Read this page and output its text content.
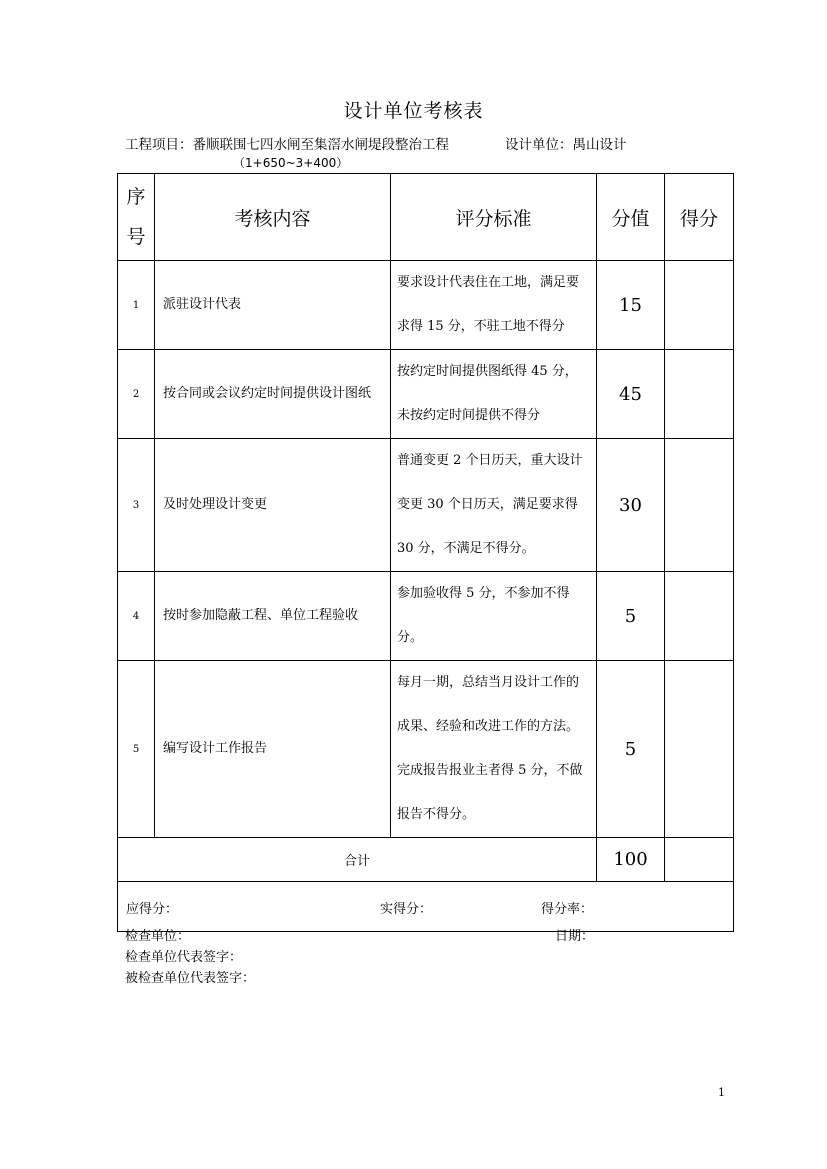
设计单位考核表
工程项目：番顺联围七四水闸至集滘水闸堤段整治工程	设计单位：禺山设计
（1+650~3+400）
序
号	考核内容	评分标准	分值	得分
1	派驻设计代表	要求设计代表住在工地，满足要求得 15 分，不驻工地不得分	15	
2	按合同或会议约定时间提供设计图纸	按约定时间提供图纸得 45 分，未按约定时间提供不得分	45	
3	及时处理设计变更	普通变更 2 个日历天，重大设计变更 30 个日历天，满足要求得 30 分，不满足不得分。	30	
4	按时参加隐蔽工程、单位工程验收	参加验收得 5 分，不参加不得分。	5	
5	编写设计工作报告	每月一期，总结当月设计工作的成果、经验和改进工作的方法。完成报告报业主者得 5 分，不做报告不得分。	5	
合计			100	

应得分： 实得分： 得分率：				
检查单位：	日期：
检查单位代表签字：
被检查单位代表签字：
1
